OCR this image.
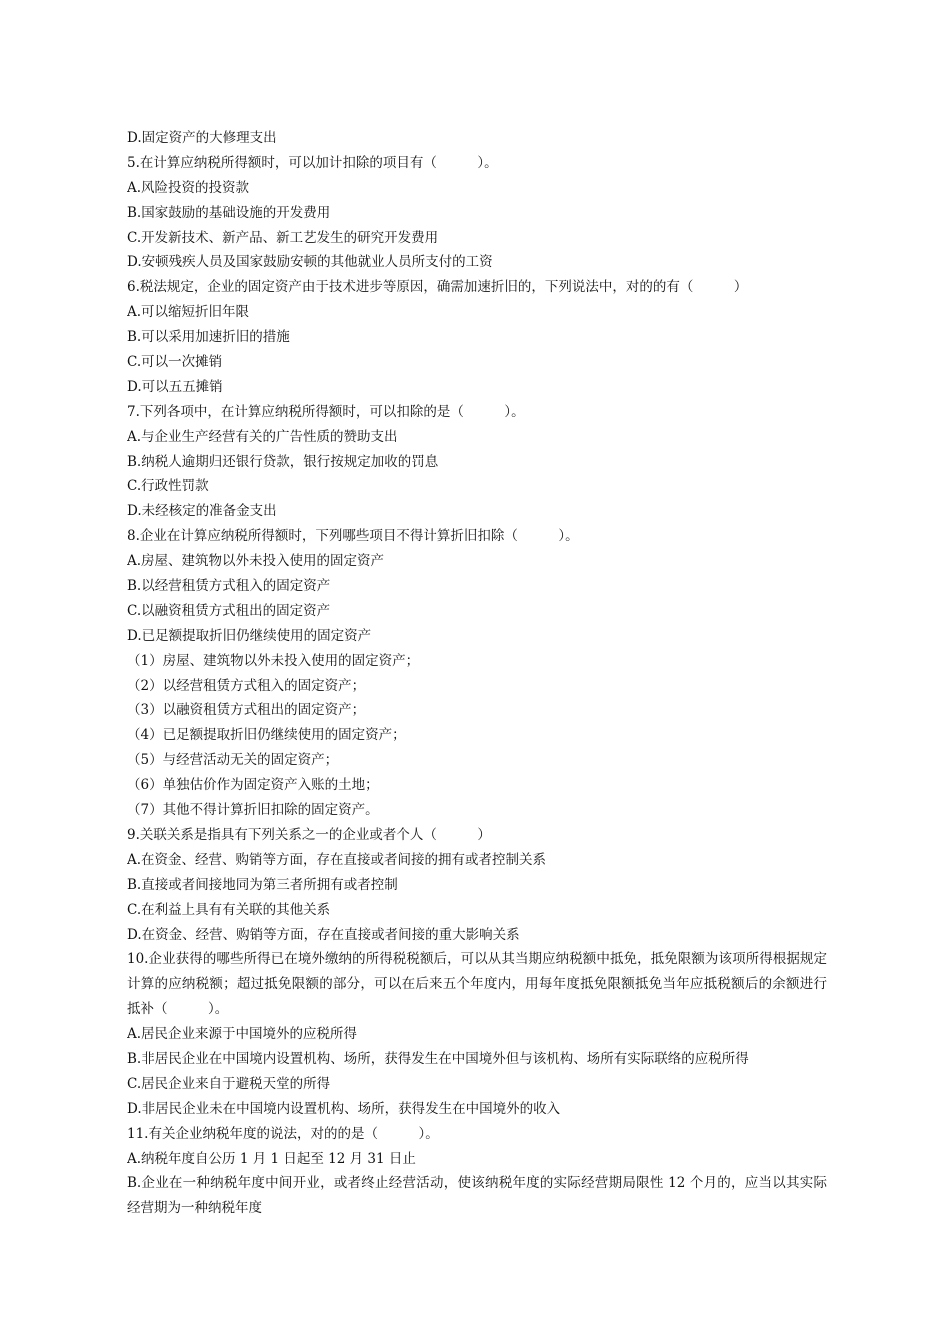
D.固定资产的大修理支出
5.在计算应纳税所得额时，可以加计扣除的项目有（　　　）。
A.风险投资的投资款
B.国家鼓励的基础设施的开发费用
C.开发新技术、新产品、新工艺发生的研究开发费用
D.安顿残疾人员及国家鼓励安顿的其他就业人员所支付的工资
6.税法规定，企业的固定资产由于技术进步等原因，确需加速折旧的，下列说法中，对的的有（　　　）
A.可以缩短折旧年限
B.可以采用加速折旧的措施
C.可以一次摊销
D.可以五五摊销
7.下列各项中，在计算应纳税所得额时，可以扣除的是（　　　）。
A.与企业生产经营有关的广告性质的赞助支出
B.纳税人逾期归还银行贷款，银行按规定加收的罚息
C.行政性罚款
D.未经核定的准备金支出
8.企业在计算应纳税所得额时，下列哪些项目不得计算折旧扣除（　　　）。
A.房屋、建筑物以外未投入使用的固定资产
B.以经营租赁方式租入的固定资产
C.以融资租赁方式租出的固定资产
D.已足额提取折旧仍继续使用的固定资产
（1）房屋、建筑物以外未投入使用的固定资产；
（2）以经营租赁方式租入的固定资产；
（3）以融资租赁方式租出的固定资产；
（4）已足额提取折旧仍继续使用的固定资产；
（5）与经营活动无关的固定资产；
（6）单独估价作为固定资产入账的土地；
（7）其他不得计算折旧扣除的固定资产。
9.关联关系是指具有下列关系之一的企业或者个人（　　　）
A.在资金、经营、购销等方面，存在直接或者间接的拥有或者控制关系
B.直接或者间接地同为第三者所拥有或者控制
C.在利益上具有有关联的其他关系
D.在资金、经营、购销等方面，存在直接或者间接的重大影响关系
10.企业获得的哪些所得已在境外缴纳的所得税税额后，可以从其当期应纳税额中抵免，抵免限额为该项所得根据规定计算的应纳税额；超过抵免限额的部分，可以在后来五个年度内，用每年度抵免限额抵免当年应抵税额后的余额进行抵补（　　　）。
A.居民企业来源于中国境外的应税所得
B.非居民企业在中国境内设置机构、场所，获得发生在中国境外但与该机构、场所有实际联络的应税所得
C.居民企业来自于避税天堂的所得
D.非居民企业未在中国境内设置机构、场所，获得发生在中国境外的收入
11.有关企业纳税年度的说法，对的的是（　　　）。
A.纳税年度自公历 1 月 1 日起至 12 月 31 日止
B.企业在一种纳税年度中间开业，或者终止经营活动，使该纳税年度的实际经营期局限性 12 个月的，应当以其实际经营期为一种纳税年度
